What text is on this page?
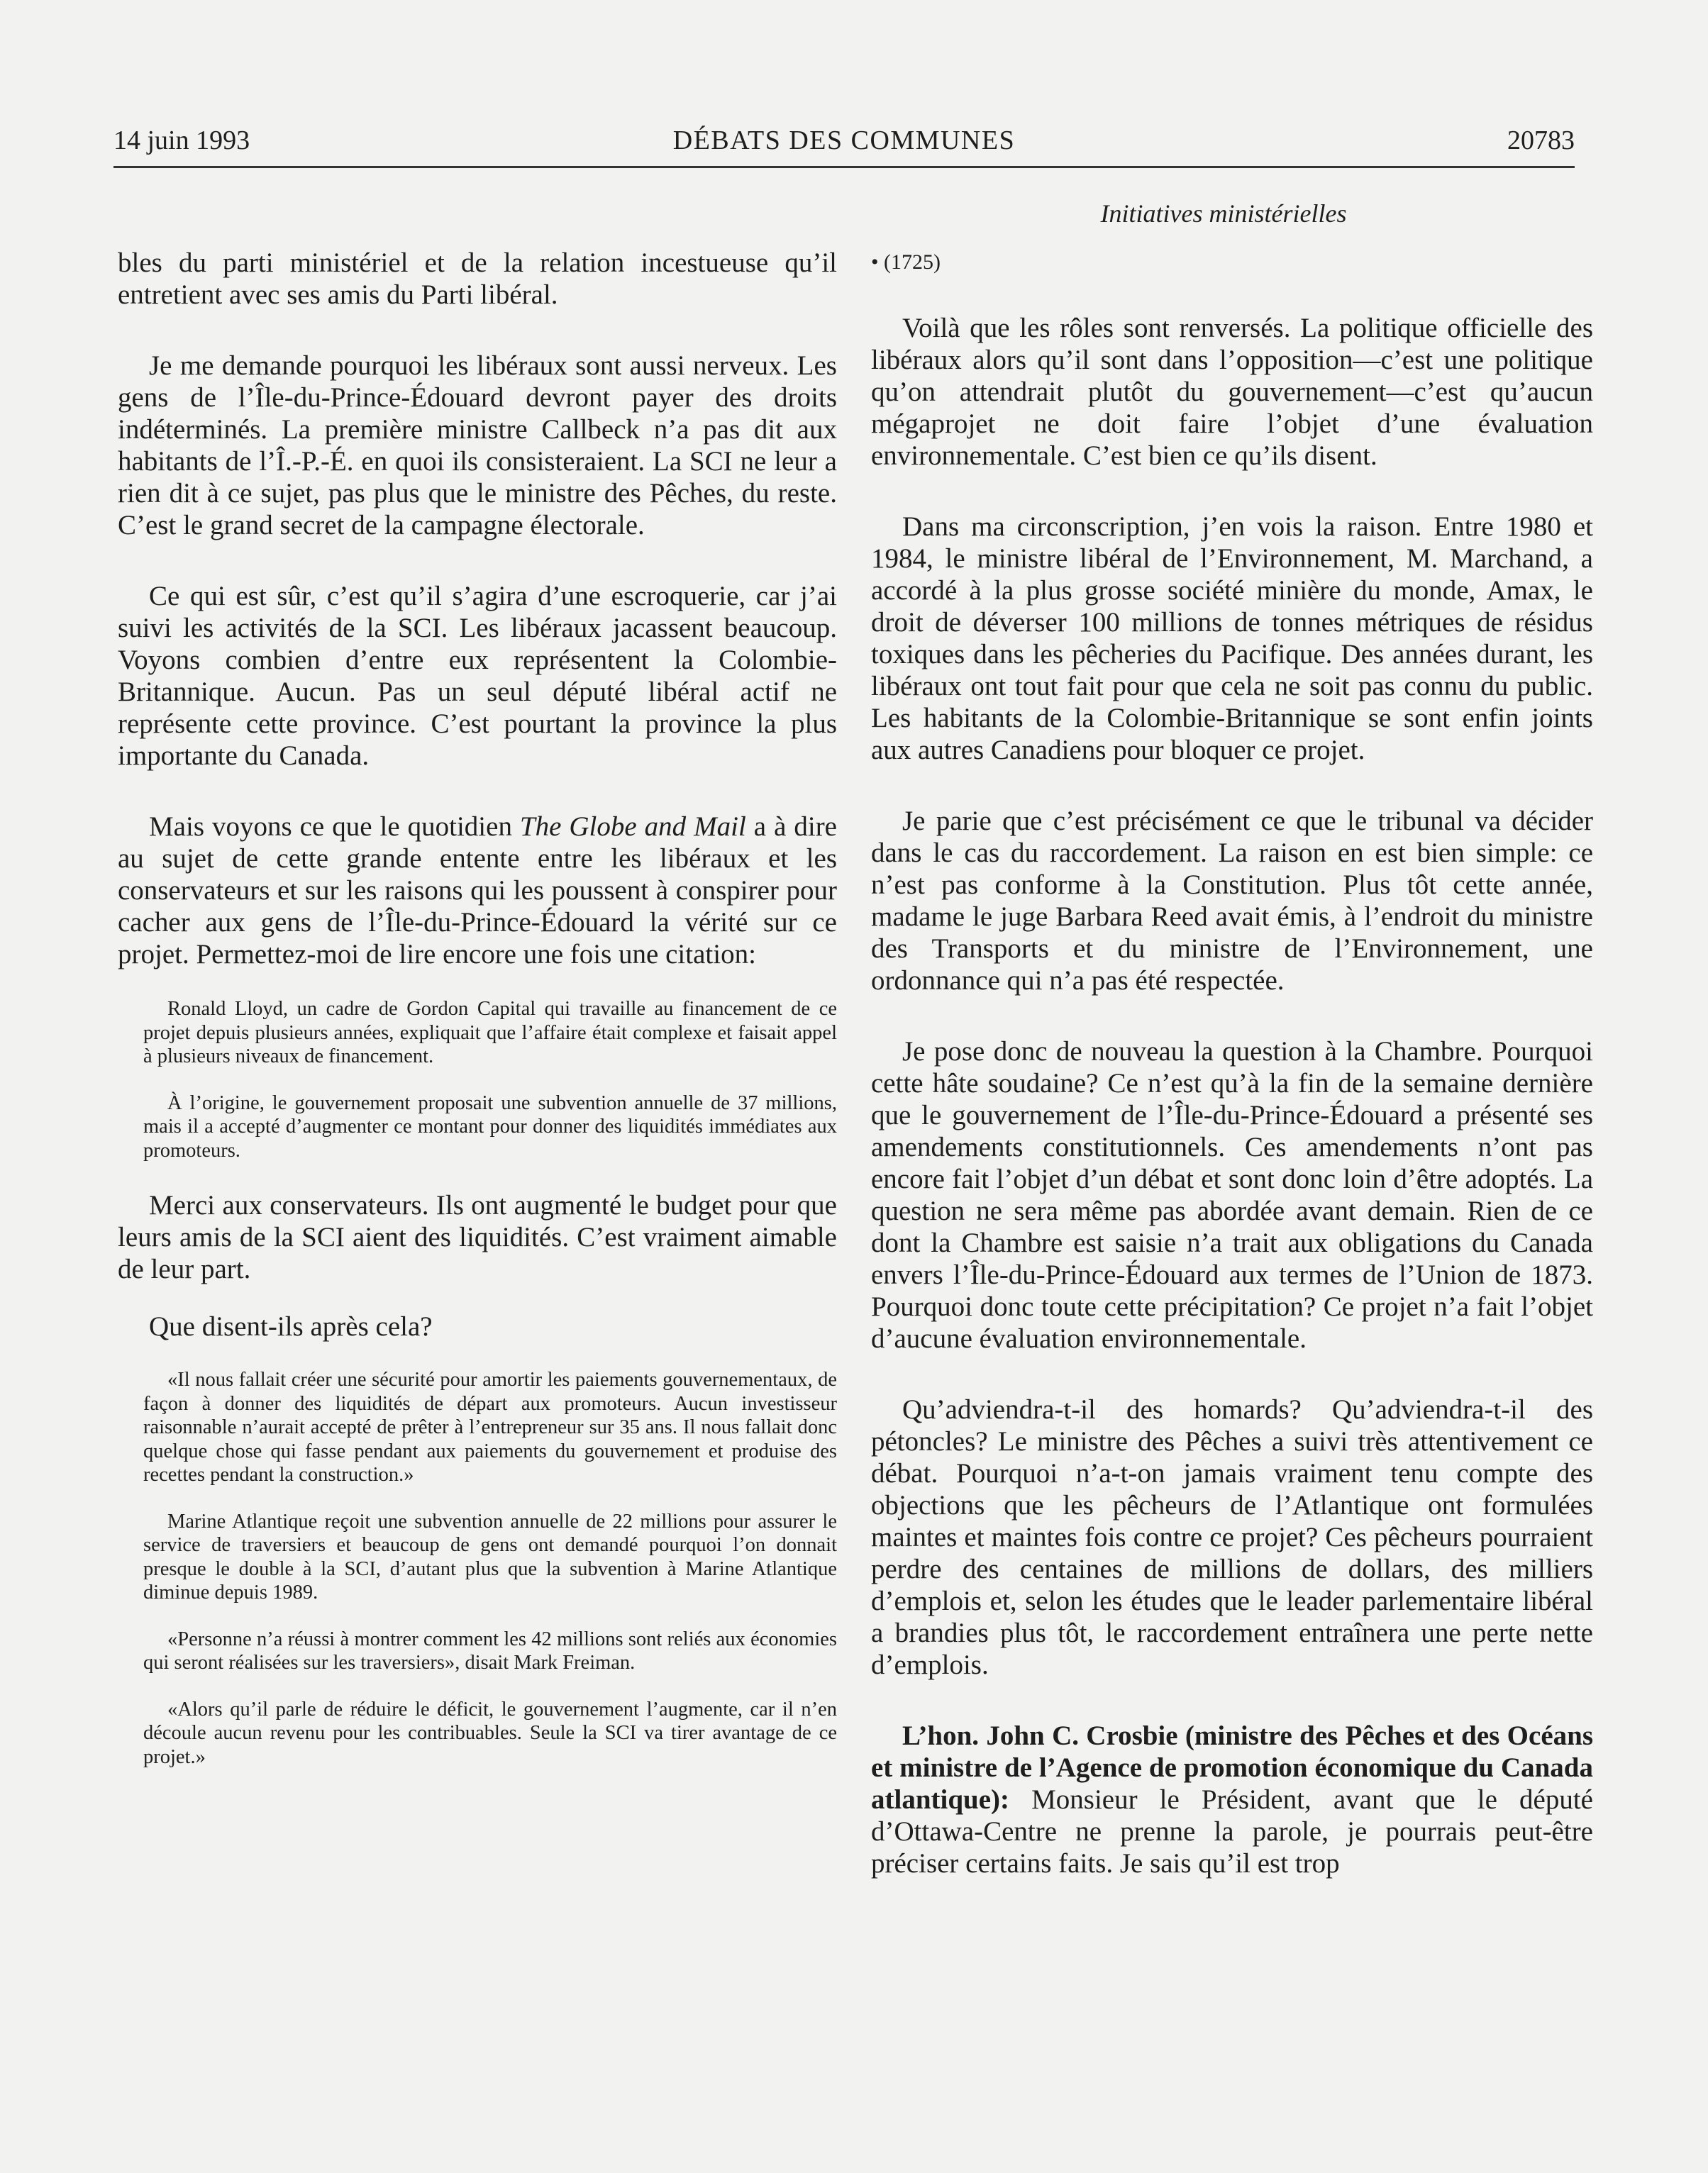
14 juin 1993	DÉBATS DES COMMUNES	20783
Initiatives ministérielles

bles du parti ministériel et de la relation incestueuse qu’il entretient avec ses amis du Parti libéral.

Je me demande pourquoi les libéraux sont aussi nerveux. Les gens de l’Île-du-Prince-Édouard devront payer des droits indéterminés. La première ministre Callbeck n’a pas dit aux habitants de l’Î.-P.-É. en quoi ils consisteraient. La SCI ne leur a rien dit à ce sujet, pas plus que le ministre des Pêches, du reste. C’est le grand secret de la campagne électorale.

Ce qui est sûr, c’est qu’il s’agira d’une escroquerie, car j’ai suivi les activités de la SCI. Les libéraux jacassent beaucoup. Voyons combien d’entre eux représentent la Colombie-Britannique. Aucun. Pas un seul député libéral actif ne représente cette province. C’est pourtant la province la plus importante du Canada.

Mais voyons ce que le quotidien The Globe and Mail a à dire au sujet de cette grande entente entre les libéraux et les conservateurs et sur les raisons qui les poussent à conspirer pour cacher aux gens de l’Île-du-Prince-Édouard la vérité sur ce projet. Permettez-moi de lire encore une fois une citation:

Ronald Lloyd, un cadre de Gordon Capital qui travaille au financement de ce projet depuis plusieurs années, expliquait que l’affaire était complexe et faisait appel à plusieurs niveaux de financement.

À l’origine, le gouvernement proposait une subvention annuelle de 37 millions, mais il a accepté d’augmenter ce montant pour donner des liquidités immédiates aux promoteurs.

Merci aux conservateurs. Ils ont augmenté le budget pour que leurs amis de la SCI aient des liquidités. C’est vraiment aimable de leur part.

Que disent-ils après cela?

«Il nous fallait créer une sécurité pour amortir les paiements gouvernementaux, de façon à donner des liquidités de départ aux promoteurs. Aucun investisseur raisonnable n’aurait accepté de prêter à l’entrepreneur sur 35 ans. Il nous fallait donc quelque chose qui fasse pendant aux paiements du gouvernement et produise des recettes pendant la construction.»

Marine Atlantique reçoit une subvention annuelle de 22 millions pour assurer le service de traversiers et beaucoup de gens ont demandé pourquoi l’on donnait presque le double à la SCI, d’autant plus que la subvention à Marine Atlantique diminue depuis 1989.

«Personne n’a réussi à montrer comment les 42 millions sont reliés aux économies qui seront réalisées sur les traversiers», disait Mark Freiman.

«Alors qu’il parle de réduire le déficit, le gouvernement l’augmente, car il n’en découle aucun revenu pour les contribuables. Seule la SCI va tirer avantage de ce projet.»

• (1725)

Voilà que les rôles sont renversés. La politique officielle des libéraux alors qu’il sont dans l’opposition—c’est une politique qu’on attendrait plutôt du gouvernement—c’est qu’aucun mégaprojet ne doit faire l’objet d’une évaluation environnementale. C’est bien ce qu’ils disent.

Dans ma circonscription, j’en vois la raison. Entre 1980 et 1984, le ministre libéral de l’Environnement, M. Marchand, a accordé à la plus grosse société minière du monde, Amax, le droit de déverser 100 millions de tonnes métriques de résidus toxiques dans les pêcheries du Pacifique. Des années durant, les libéraux ont tout fait pour que cela ne soit pas connu du public. Les habitants de la Colombie-Britannique se sont enfin joints aux autres Canadiens pour bloquer ce projet.

Je parie que c’est précisément ce que le tribunal va décider dans le cas du raccordement. La raison en est bien simple: ce n’est pas conforme à la Constitution. Plus tôt cette année, madame le juge Barbara Reed avait émis, à l’endroit du ministre des Transports et du ministre de l’Environnement, une ordonnance qui n’a pas été respectée.

Je pose donc de nouveau la question à la Chambre. Pourquoi cette hâte soudaine? Ce n’est qu’à la fin de la semaine dernière que le gouvernement de l’Île-du-Prince-Édouard a présenté ses amendements constitutionnels. Ces amendements n’ont pas encore fait l’objet d’un débat et sont donc loin d’être adoptés. La question ne sera même pas abordée avant demain. Rien de ce dont la Chambre est saisie n’a trait aux obligations du Canada envers l’Île-du-Prince-Édouard aux termes de l’Union de 1873. Pourquoi donc toute cette précipitation? Ce projet n’a fait l’objet d’aucune évaluation environnementale.

Qu’adviendra-t-il des homards? Qu’adviendra-t-il des pétoncles? Le ministre des Pêches a suivi très attentivement ce débat. Pourquoi n’a-t-on jamais vraiment tenu compte des objections que les pêcheurs de l’Atlantique ont formulées maintes et maintes fois contre ce projet? Ces pêcheurs pourraient perdre des centaines de millions de dollars, des milliers d’emplois et, selon les études que le leader parlementaire libéral a brandies plus tôt, le raccordement entraînera une perte nette d’emplois.

L’hon. John C. Crosbie (ministre des Pêches et des Océans et ministre de l’Agence de promotion économique du Canada atlantique): Monsieur le Président, avant que le député d’Ottawa-Centre ne prenne la parole, je pourrais peut-être préciser certains faits. Je sais qu’il est trop
